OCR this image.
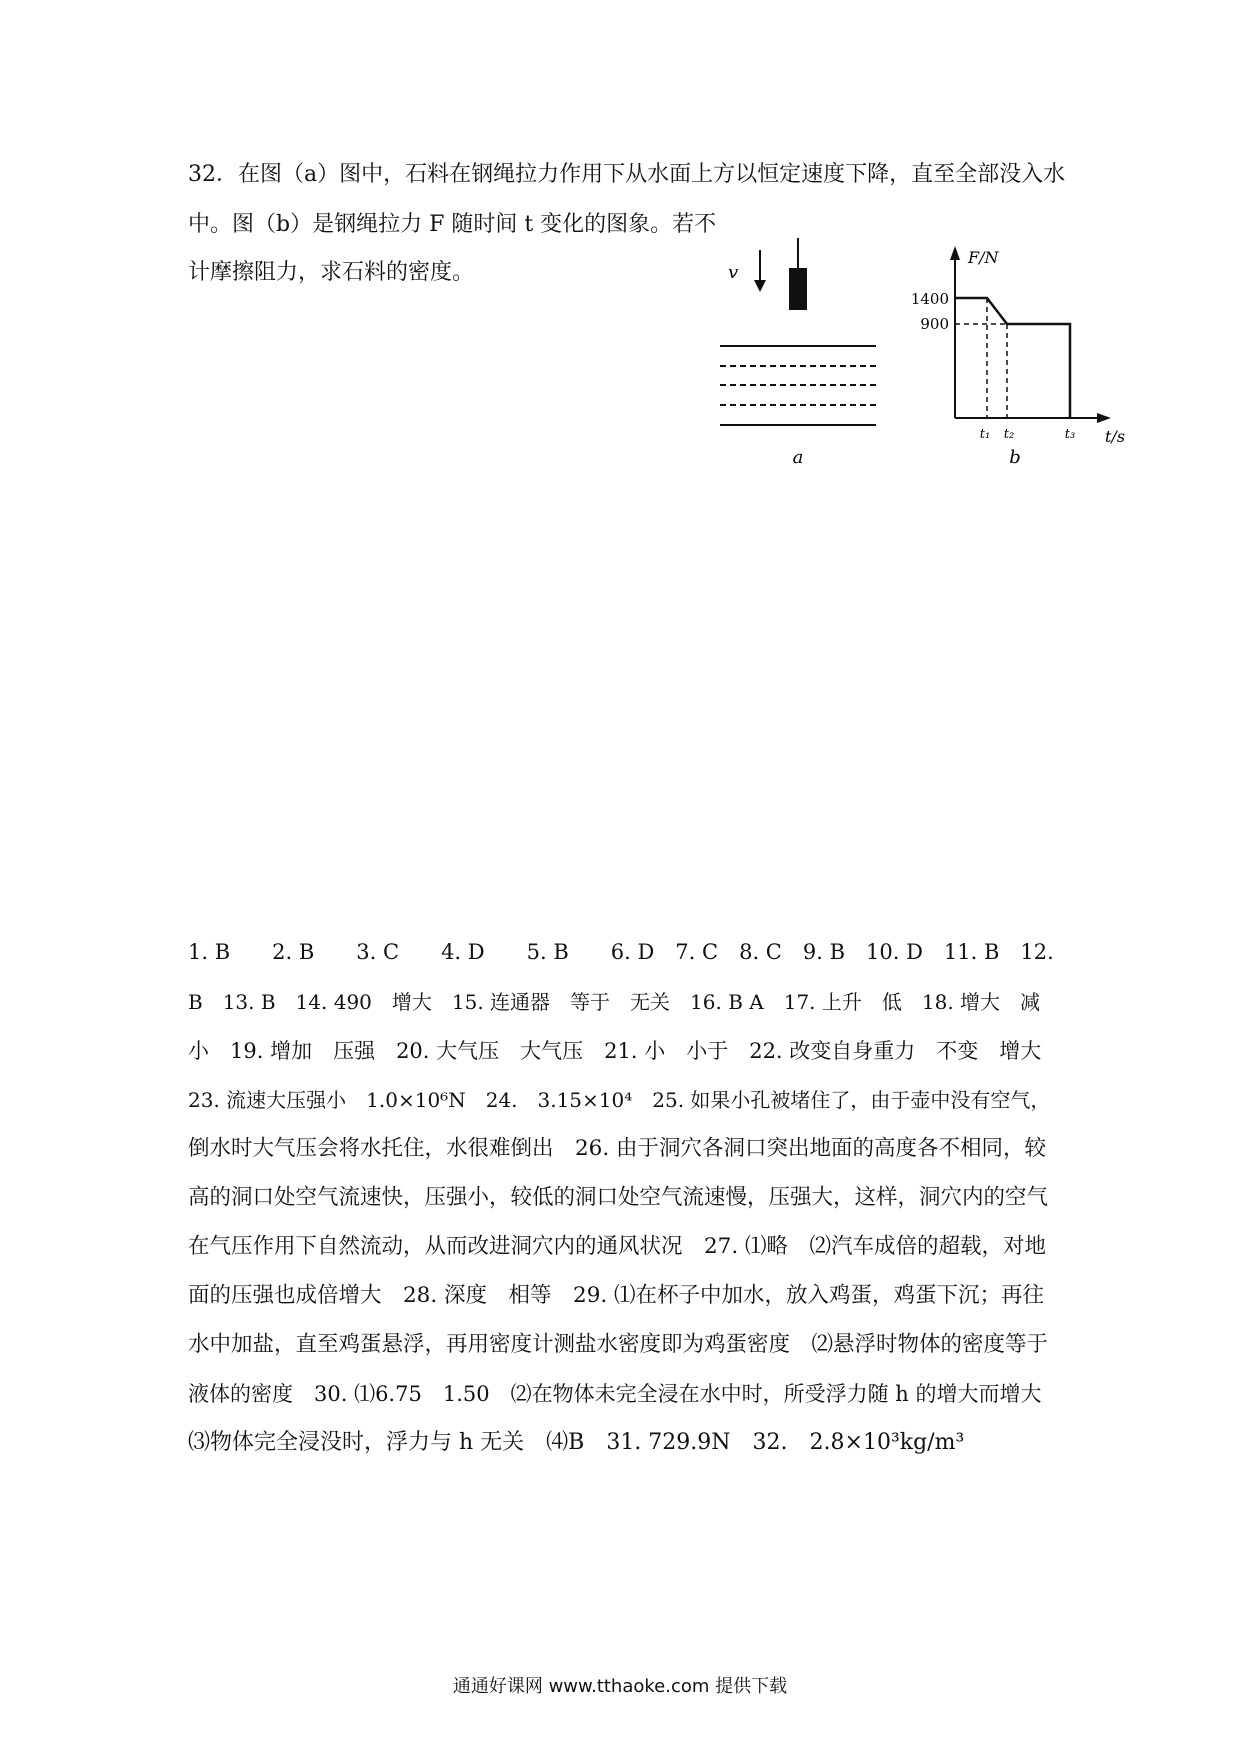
32．在图（a）图中，石料在钢绳拉力作用下从水面上方以恒定速度下降，直至全部没入水
中。图（b）是钢绳拉力 F 随时间 t 变化的图象。若不
计摩擦阻力，求石料的密度。	v
a
F/N
t/s
1400
900
t₁ t₂	t₃
b
1. B　　2. B　　3. C　　4. D　　5. B　　6. D　7. C　8. C　9. B　10. D　11. B　12.
B　13. B　14. 490　增大　15. 连通器　等于　无关　16. B A　17. 上升　低　18. 增大　减
小　19. 增加　压强　20. 大气压　大气压　21. 小　小于　22. 改变自身重力　不变　增大
23. 流速大压强小　1.0×10⁶N　24.　3.15×10⁴　25. 如果小孔被堵住了，由于壶中没有空气，
倒水时大气压会将水托住，水很难倒出　26. 由于洞穴各洞口突出地面的高度各不相同，较
高的洞口处空气流速快，压强小，较低的洞口处空气流速慢，压强大，这样，洞穴内的空气
在气压作用下自然流动，从而改进洞穴内的通风状况　27. ⑴略　⑵汽车成倍的超载，对地
面的压强也成倍增大　28. 深度　相等　29. ⑴在杯子中加水，放入鸡蛋，鸡蛋下沉；再往
水中加盐，直至鸡蛋悬浮，再用密度计测盐水密度即为鸡蛋密度　⑵悬浮时物体的密度等于
液体的密度　30. ⑴6.75　1.50　⑵在物体未完全浸在水中时，所受浮力随 h 的增大而增大
⑶物体完全浸没时，浮力与 h 无关　⑷B　31. 729.9N　32.　2.8×10³kg/m³
通通好课网 www.tthaoke.com 提供下载
